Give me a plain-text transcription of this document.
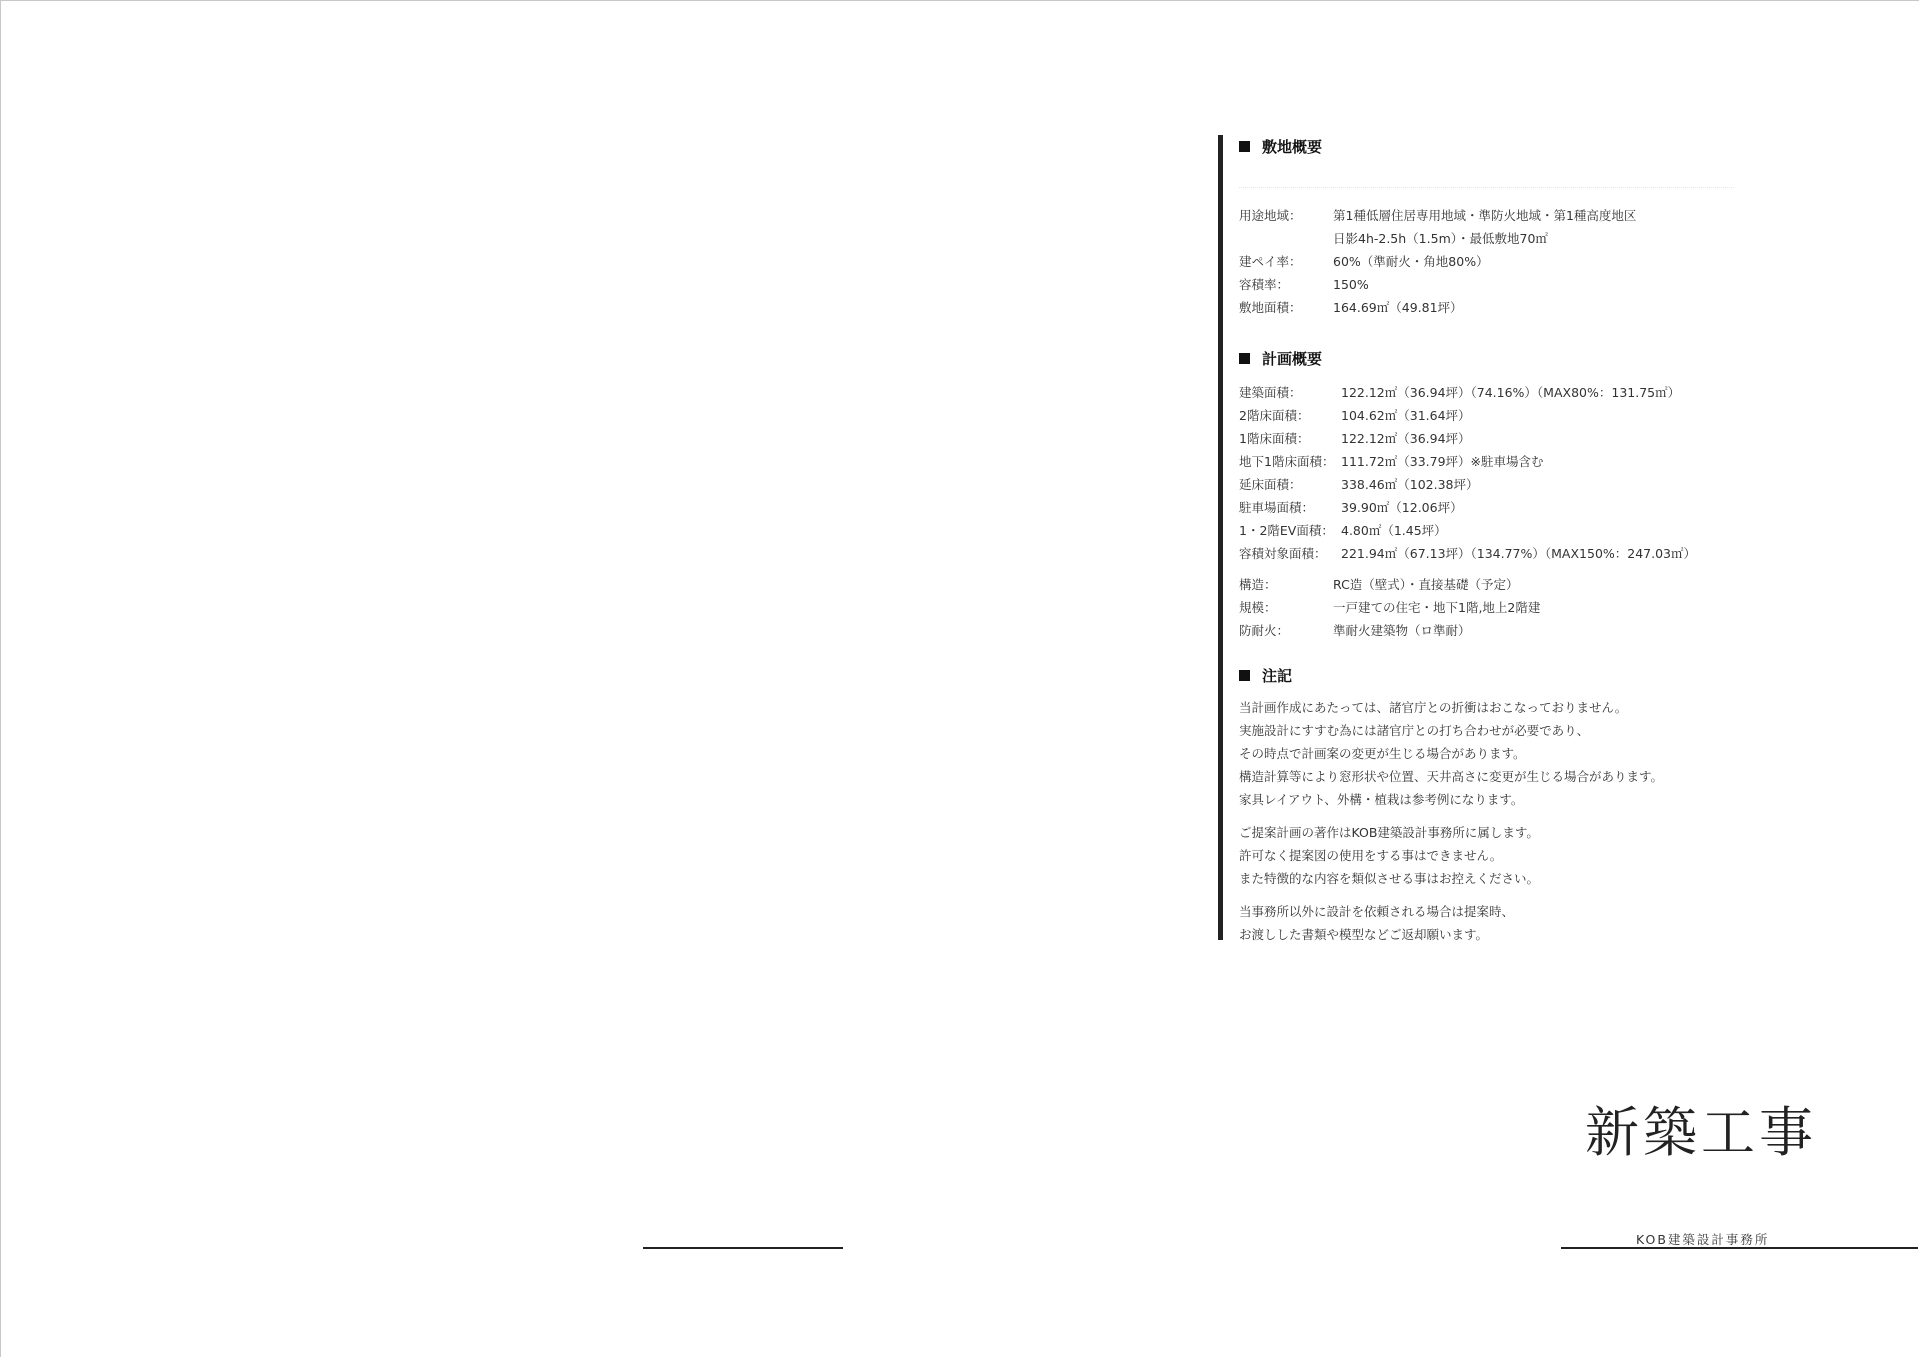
敷地概要
用途地域：	第1種低層住居専用地域・準防火地域・第1種高度地区
日影4h-2.5h（1.5m）・最低敷地70㎡
建ペイ率：	60%（準耐火・角地80%）
容積率：	150%
敷地面積：	164.69㎡（49.81坪）
計画概要
建築面積：	122.12㎡（36.94坪）（74.16%）（MAX80%：131.75㎡）
2階床面積：	104.62㎡（31.64坪）
1階床面積：	122.12㎡（36.94坪）
地下1階床面積： 111.72㎡（33.79坪）※駐車場含む
延床面積：	338.46㎡（102.38坪）
駐車場面積：	39.90㎡（12.06坪）
1・2階EV面積： 4.80㎡（1.45坪）
容積対象面積：	221.94㎡（67.13坪）（134.77%）（MAX150%：247.03㎡）
構造：	RC造（壁式）・直接基礎（予定）
規模：	一戸建ての住宅・地下1階,地上2階建
防耐火：	準耐火建築物（ロ準耐）
注記
当計画作成にあたっては、諸官庁との折衝はおこなっておりません。
実施設計にすすむ為には諸官庁との打ち合わせが必要であり、
その時点で計画案の変更が生じる場合があります。
構造計算等により窓形状や位置、天井高さに変更が生じる場合があります。
家具レイアウト、外構・植栽は参考例になります。
ご提案計画の著作はKOB建築設計事務所に属します。
許可なく提案図の使用をする事はできません。
また特徴的な内容を類似させる事はお控えください。
当事務所以外に設計を依頼される場合は提案時、
お渡しした書類や模型などご返却願います。
新築工事
KOB建築設計事務所
